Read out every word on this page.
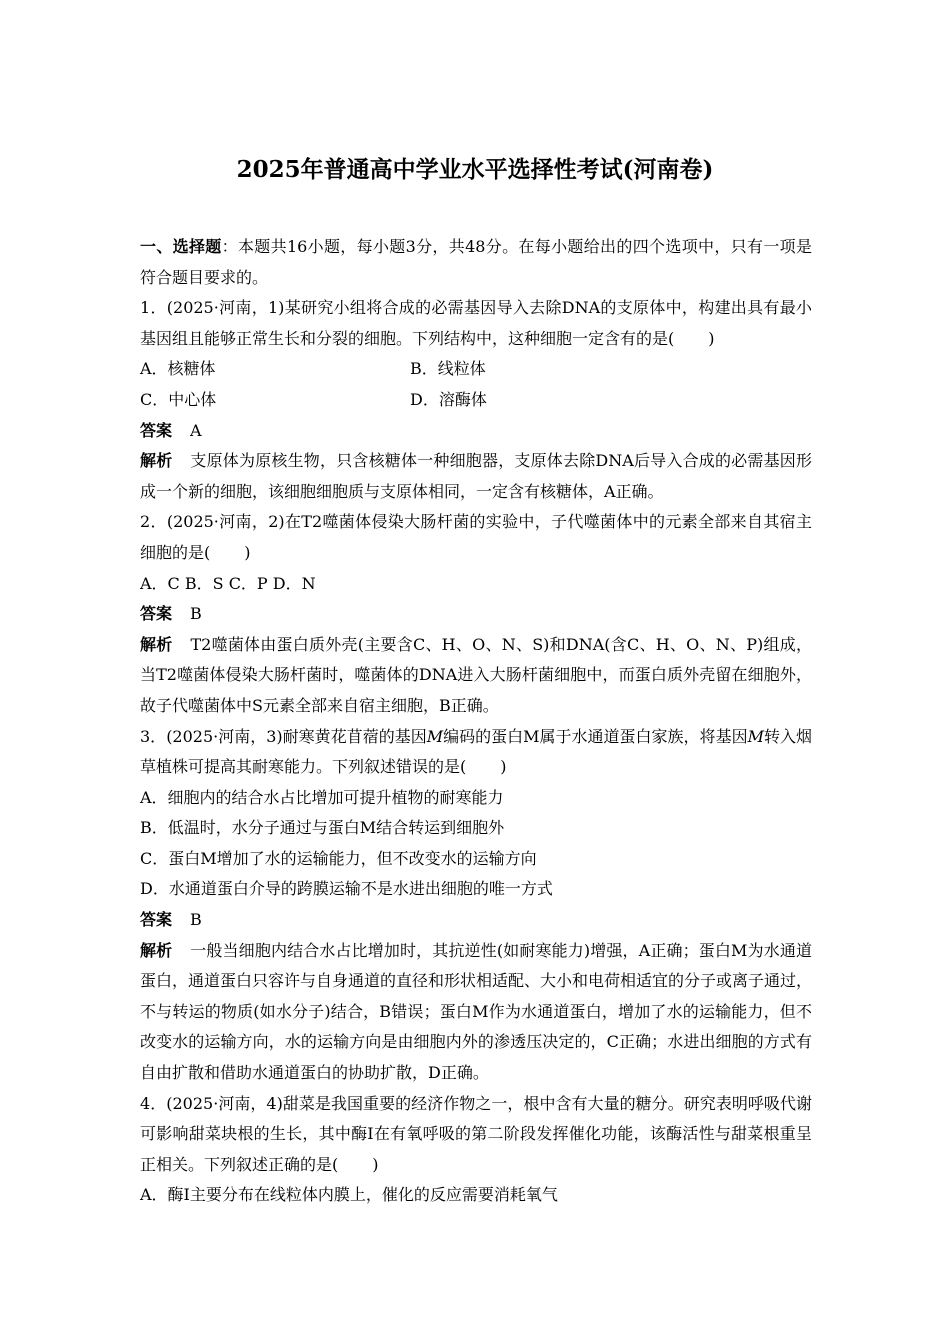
2025年普通高中学业水平选择性考试(河南卷)

一、选择题：本题共16小题，每小题3分，共48分。在每小题给出的四个选项中，只有一项是符合题目要求的。

1．(2025·河南，1)某研究小组将合成的必需基因导入去除DNA的支原体中，构建出具有最小基因组且能够正常生长和分裂的细胞。下列结构中，这种细胞一定含有的是( )

A．核糖体	B．线粒体
C．中心体	D．溶酶体

答案 A

解析 支原体为原核生物，只含核糖体一种细胞器，支原体去除DNA后导入合成的必需基因形成一个新的细胞，该细胞细胞质与支原体相同，一定含有核糖体，A正确。

2．(2025·河南，2)在T2噬菌体侵染大肠杆菌的实验中，子代噬菌体中的元素全部来自其宿主细胞的是( )

A．C B．S C．P D．N

答案 B

解析 T2噬菌体由蛋白质外壳(主要含C、H、O、N、S)和DNA(含C、H、O、N、P)组成，当T2噬菌体侵染大肠杆菌时，噬菌体的DNA进入大肠杆菌细胞中，而蛋白质外壳留在细胞外，故子代噬菌体中S元素全部来自宿主细胞，B正确。

3．(2025·河南，3)耐寒黄花苜蓿的基因M编码的蛋白M属于水通道蛋白家族，将基因M转入烟草植株可提高其耐寒能力。下列叙述错误的是( )

A．细胞内的结合水占比增加可提升植物的耐寒能力

B．低温时，水分子通过与蛋白M结合转运到细胞外

C．蛋白M增加了水的运输能力，但不改变水的运输方向

D．水通道蛋白介导的跨膜运输不是水进出细胞的唯一方式

答案 B

解析 一般当细胞内结合水占比增加时，其抗逆性(如耐寒能力)增强，A正确；蛋白M为水通道蛋白，通道蛋白只容许与自身通道的直径和形状相适配、大小和电荷相适宜的分子或离子通过，不与转运的物质(如水分子)结合，B错误；蛋白M作为水通道蛋白，增加了水的运输能力，但不改变水的运输方向，水的运输方向是由细胞内外的渗透压决定的，C正确；水进出细胞的方式有自由扩散和借助水通道蛋白的协助扩散，D正确。

4．(2025·河南，4)甜菜是我国重要的经济作物之一，根中含有大量的糖分。研究表明呼吸代谢可影响甜菜块根的生长，其中酶Ⅰ在有氧呼吸的第二阶段发挥催化功能，该酶活性与甜菜根重呈正相关。下列叙述正确的是( )

A．酶Ⅰ主要分布在线粒体内膜上，催化的反应需要消耗氧气
